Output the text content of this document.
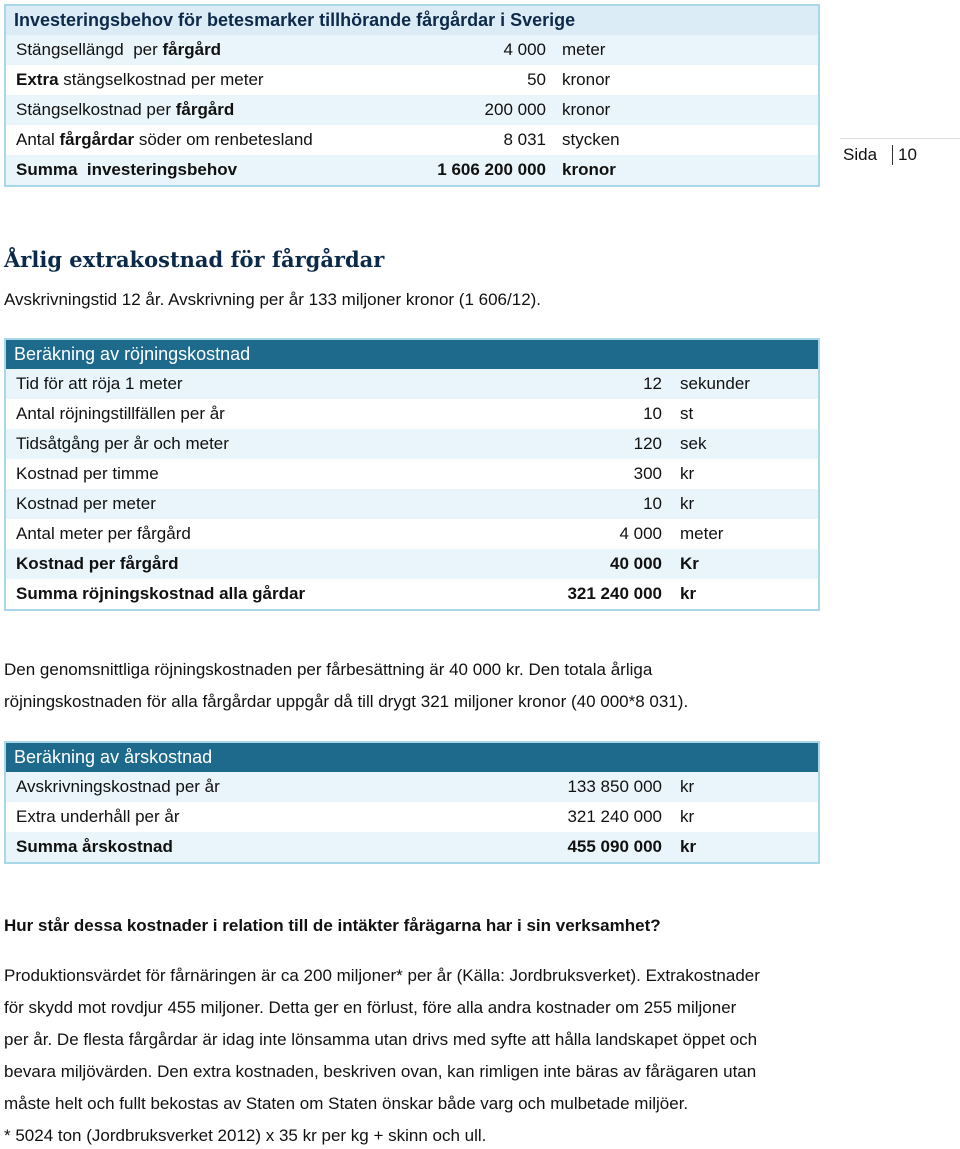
Investeringsbehov för betesmarker tillhörande fårgårdar i Sverige
Stängsellängd  per fårgård	4 000 meter
Extra stängselkostnad per meter	50 kronor
Stängselkostnad per fårgård	200 000 kronor
Antal fårgårdar söder om renbetesland	8 031 stycken
Summa  investeringsbehov	1 606 200 000 kronor
Sida 10
Årlig extrakostnad för fårgårdar
Avskrivningstid 12 år. Avskrivning per år 133 miljoner kronor (1 606/12).
Beräkning av röjningskostnad
Tid för att röja 1 meter	12 sekunder
Antal röjningstillfällen per år	10 st
Tidsåtgång per år och meter	120 sek
Kostnad per timme	300 kr
Kostnad per meter	10 kr
Antal meter per fårgård	4 000 meter
Kostnad per fårgård	40 000 Kr
Summa röjningskostnad alla gårdar	321 240 000 kr
Den genomsnittliga röjningskostnaden per fårbesättning är 40 000 kr. Den totala årliga
röjningskostnaden för alla fårgårdar uppgår då till drygt 321 miljoner kronor (40 000*8 031).
Beräkning av årskostnad
Avskrivningskostnad per år	133 850 000 kr
Extra underhåll per år	321 240 000 kr
Summa årskostnad	455 090 000 kr
Hur står dessa kostnader i relation till de intäkter fårägarna har i sin verksamhet?
Produktionsvärdet för fårnäringen är ca 200 miljoner* per år (Källa: Jordbruksverket). Extrakostnader
för skydd mot rovdjur 455 miljoner. Detta ger en förlust, före alla andra kostnader om 255 miljoner
per år. De flesta fårgårdar är idag inte lönsamma utan drivs med syfte att hålla landskapet öppet och
bevara miljövärden. Den extra kostnaden, beskriven ovan, kan rimligen inte bäras av fårägaren utan
måste helt och fullt bekostas av Staten om Staten önskar både varg och mulbetade miljöer.
* 5024 ton (Jordbruksverket 2012) x 35 kr per kg + skinn och ull.
